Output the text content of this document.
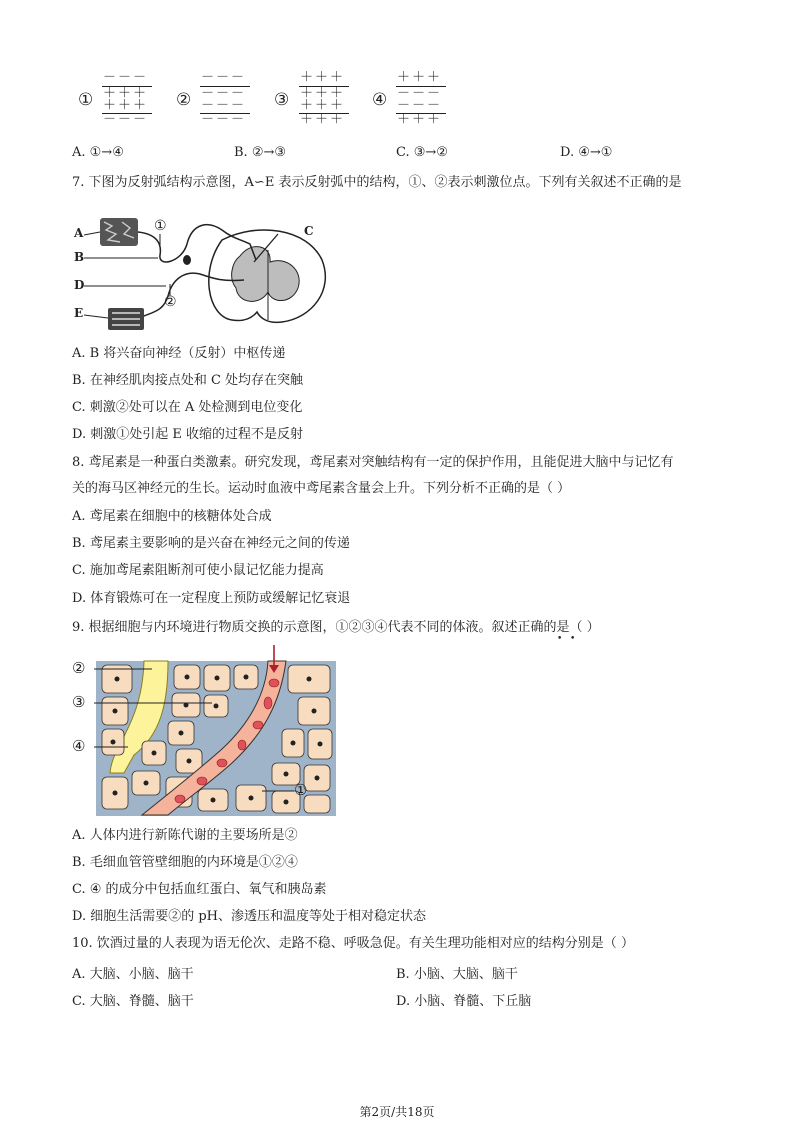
①
－－－
＋＋＋
＋＋＋
－－－
②
－－－
－－－
－－－
－－－
③
＋＋＋
＋＋＋
＋＋＋
＋＋＋
④
＋＋＋
－－－
－－－
＋＋＋
A. ①→④	B. ②→③	C. ③→②	D. ④→①
7. 下图为反射弧结构示意图，A∽E 表示反射弧中的结构，①、②表示刺激位点。下列有关叙述不正确的是
A
B
D
E
C
①
②
A. B 将兴奋向神经（反射）中枢传递
B. 在神经肌肉接点处和 C 处均存在突触
C. 刺激②处可以在 A 处检测到电位变化
D. 刺激①处引起 E 收缩的过程不是反射
8. 鸢尾素是一种蛋白类激素。研究发现，鸢尾素对突触结构有一定的保护作用，且能促进大脑中与记忆有
关的海马区神经元的生长。运动时血液中鸢尾素含量会上升。下列分析不正确的是（ ）
A. 鸢尾素在细胞中的核糖体处合成
B. 鸢尾素主要影响的是兴奋在神经元之间的传递
C. 施加鸢尾素阻断剂可使小鼠记忆能力提高
D. 体育锻炼可在一定程度上预防或缓解记忆衰退
9. 根据细胞与内环境进行物质交换的示意图，①②③④代表不同的体液。叙述正确的是（ ）
• •
②
③
④
①
A. 人体内进行新陈代谢的主要场所是②
B. 毛细血管管壁细胞的内环境是①②④
C. ④ 的成分中包括血红蛋白、氧气和胰岛素
D. 细胞生活需要②的 pH、渗透压和温度等处于相对稳定状态
10. 饮酒过量的人表现为语无伦次、走路不稳、呼吸急促。有关生理功能相对应的结构分别是（ ）
A. 大脑、小脑、脑干	B. 小脑、大脑、脑干
C. 大脑、脊髓、脑干	D. 小脑、脊髓、下丘脑
第2页/共18页
